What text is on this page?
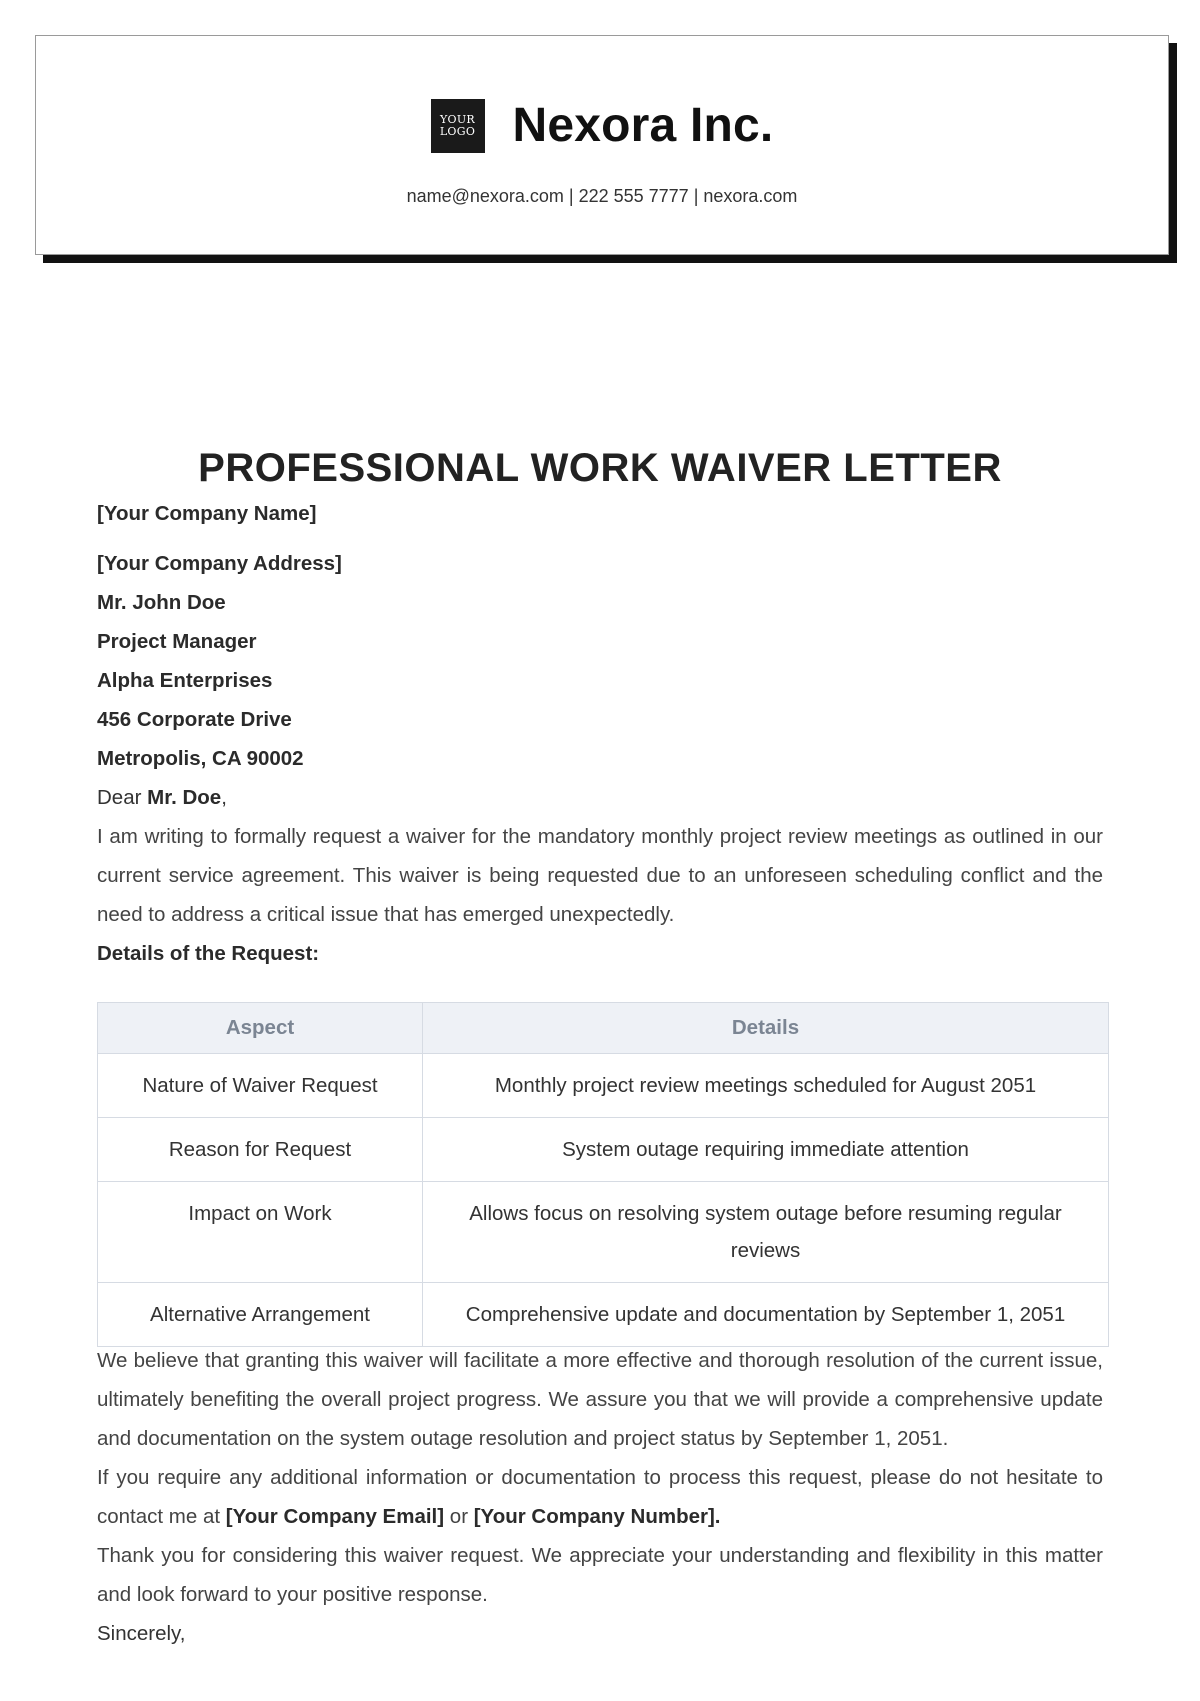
YOUR
LOGO Nexora Inc.
name@nexora.com | 222 555 7777 | nexora.com
PROFESSIONAL WORK WAIVER LETTER

[Your Company Name]

[Your Company Address]

Mr. John Doe

Project Manager

Alpha Enterprises

456 Corporate Drive

Metropolis, CA 90002

Dear Mr. Doe,

I am writing to formally request a waiver for the mandatory monthly project review meetings as outlined in our current service agreement. This waiver is being requested due to an unforeseen scheduling conflict and the need to address a critical issue that has emerged unexpectedly.

Details of the Request:

Aspect	Details
Nature of Waiver Request	Monthly project review meetings scheduled for August 2051
Reason for Request	System outage requiring immediate attention
Impact on Work	Allows focus on resolving system outage before resuming regular reviews
Alternative Arrangement	Comprehensive update and documentation by September 1, 2051

We believe that granting this waiver will facilitate a more effective and thorough resolution of the current issue, ultimately benefiting the overall project progress. We assure you that we will provide a comprehensive update and documentation on the system outage resolution and project status by September 1, 2051.

If you require any additional information or documentation to process this request, please do not hesitate to contact me at [Your Company Email] or [Your Company Number].

Thank you for considering this waiver request. We appreciate your understanding and flexibility in this matter and look forward to your positive response.

Sincerely,
